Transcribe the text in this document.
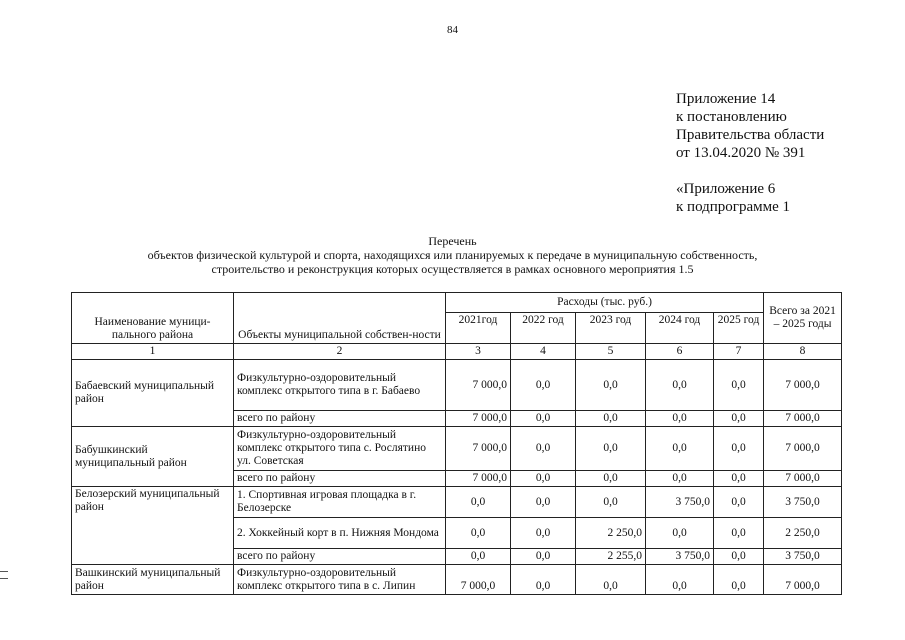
84
Приложение 14
к постановлению
Правительства области
от 13.04.2020 № 391
«Приложение 6
к подпрограмме 1
Перечень
объектов физической культурой и спорта, находящихся или планируемых к передаче в муниципальную собственность,
строительство и реконструкция которых осуществляется в рамках основного мероприятия 1.5
Наименование муници-пального района	Объекты муниципальной собствен-ности	Расходы (тыс. руб.)					Всего за 2021 – 2025 годы
		2021год	2022 год	2023 год	2024 год	2025 год	
1	2	3	4	5	6	7	8
Бабаевский муниципальный район	Физкультурно-оздоровительный комплекс открытого типа в г. Бабаево	7 000,0	0,0	0,0	0,0	0,0	7 000,0
	всего по району	7 000,0	0,0	0,0	0,0	0,0	7 000,0
Бабушкинский муниципальный район	Физкультурно-оздоровительный комплекс открытого типа с. Рослятино ул. Советская	7 000,0	0,0	0,0	0,0	0,0	7 000,0
	всего по району	7 000,0	0,0	0,0	0,0	0,0	7 000,0
Белозерский муниципальный район	1. Спортивная игровая площадка в г. Белозерске	0,0	0,0	0,0	3 750,0	0,0	3 750,0
	2. Хоккейный корт в п. Нижняя Мондома	0,0	0,0	2 250,0	0,0	0,0	2 250,0
	всего по району	0,0	0,0	2 255,0	3 750,0	0,0	3 750,0
Вашкинский муниципальный район	Физкультурно-оздоровительный комплекс открытого типа в с. Липин	7 000,0	0,0	0,0	0,0	0,0	7 000,0
